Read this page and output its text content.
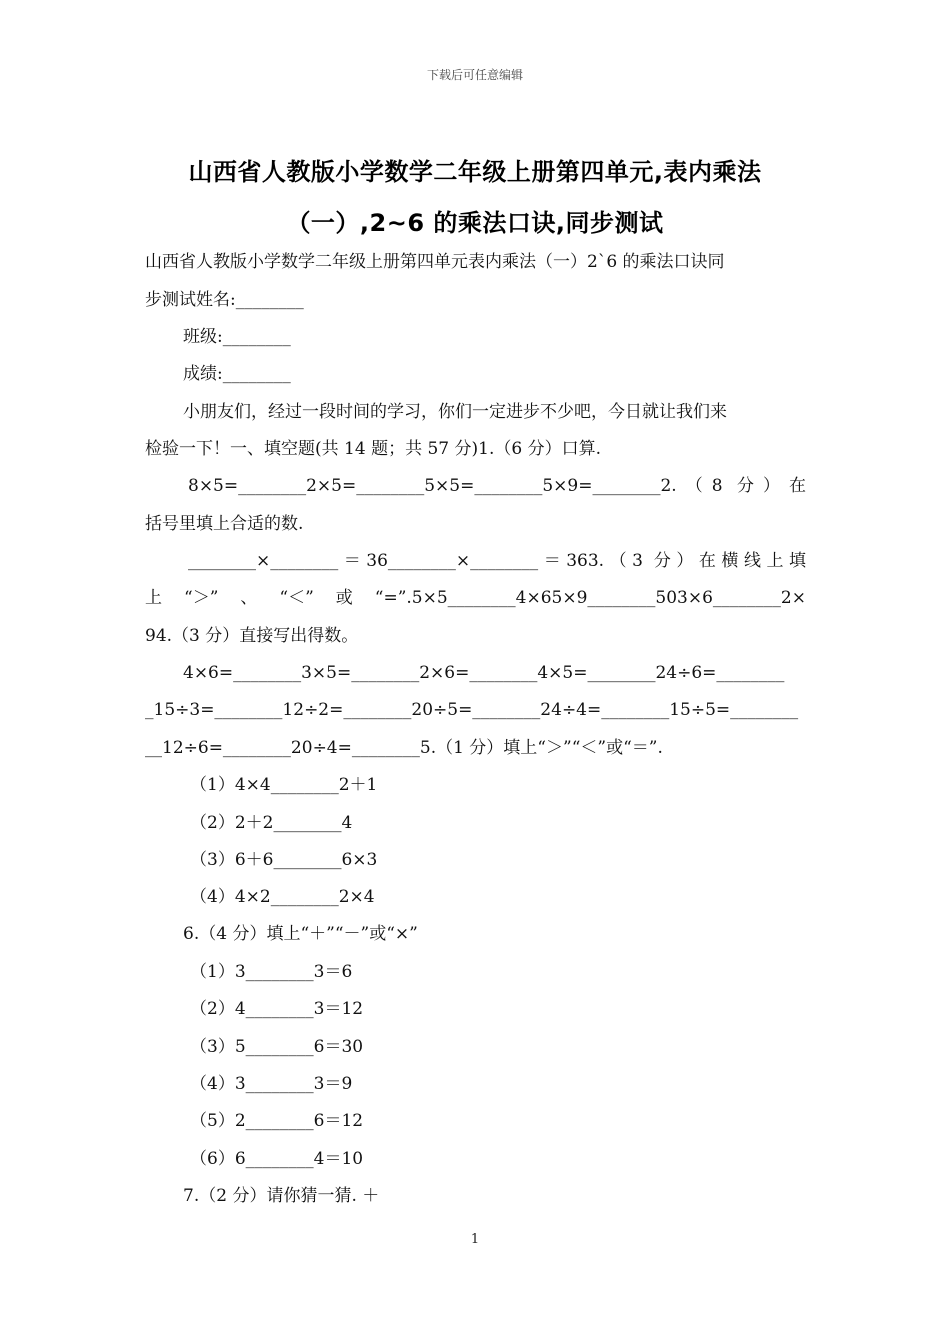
下载后可任意编辑
山西省人教版小学数学二年级上册第四单元,表内乘法
（一）,2~6 的乘法口诀,同步测试
山西省人教版小学数学二年级上册第四单元表内乘法（一）2`6 的乘法口诀同
步测试姓名:________
班级:________
成绩:________
小朋友们，经过一段时间的学习，你们一定进步不少吧，今日就让我们来
检验一下！一、填空题(共 14 题；共 57 分)1.（6 分）口算.
8×5=________2×5=________5×5=________5×9=________2.（8 分）在
括号里填上合适的数.
________×________＝36________×________＝363.（3 分）在横线上填
上“＞”、“＜”或“=”.5×5________4×65×9________503×6________2×
94.（3 分）直接写出得数。
4×6=________3×5=________2×6=________4×5=________24÷6=________
_15÷3=________12÷2=________20÷5=________24÷4=________15÷5=________
__12÷6=________20÷4=________5.（1 分）填上“＞”“＜”或“＝”.
（1）4×4________2＋1
（2）2＋2________4
（3）6＋6________6×3
（4）4×2________2×4
6.（4 分）填上“＋”“－”或“×”
（1）3________3＝6
（2）4________3＝12
（3）5________6＝30
（4）3________3＝9
（5）2________6＝12
（6）6________4＝10
7.（2 分）请你猜一猜. ＋
1
